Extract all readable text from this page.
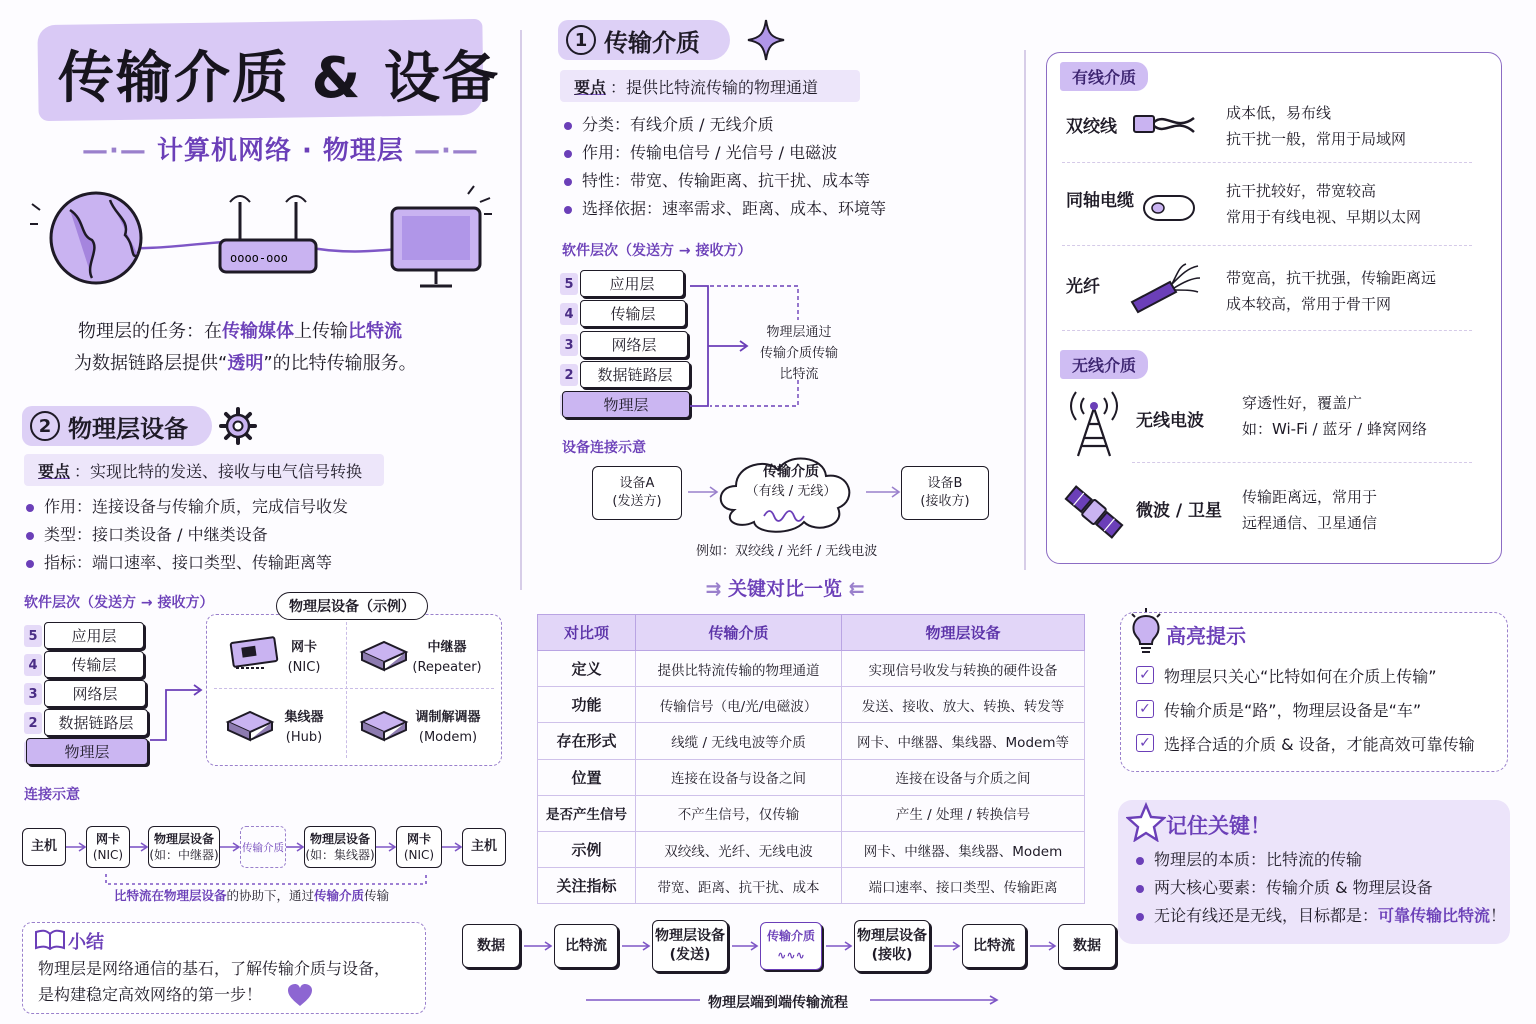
传输介质 & 设备
—·— 计算机网络 · 物理层 —·—
oooo-ooo
物理层的任务：在传输媒体上传输比特流
为数据链路层提供“透明”的比特传输服务。
1 传输介质
要点 ：提供比特流传输的物理通道
分类：有线介质 / 无线介质
作用：传输电信号 / 光信号 / 电磁波
特性：带宽、传输距离、抗干扰、成本等
选择依据：速率需求、距离、成本、环境等
软件层次（发送方 → 接收方）
5	应用层
4	传输层
3	网络层
2	数据链路层
物理层
物理层通过
传输介质传输
比特流
设备连接示意
设备A
(发送方)
传输介质
（有线 / 无线）
设备B
(接收方)
例如：双绞线 / 光纤 / 无线电波
2 物理层设备
要点 ：实现比特的发送、接收与电气信号转换
作用：连接设备与传输介质，完成信号收发
类型：接口类设备 / 中继类设备
指标：端口速率、接口类型、传输距离等
软件层次（发送方 → 接收方）
5	应用层
4	传输层
3	网络层
2	数据链路层
物理层
物理层设备（示例）
网卡
(NIC)
中继器
(Repeater)
集线器
(Hub)
调制解调器
(Modem)
连接示意
主机	网卡
(NIC)
物理层设备
(如：中继器)
传输介质
物理层设备
(如：集线器)
网卡
(NIC)
主机
比特流在物理层设备的协助下，通过传输介质传输
有线介质
双绞线
成本低，易布线
抗干扰一般，常用于局域网
同轴电缆	抗干扰较好，带宽较高
常用于有线电视、早期以太网
光纤	带宽高，抗干扰强，传输距离远
成本较高，常用于骨干网
无线介质
无线电波
穿透性好，覆盖广
如：Wi-Fi / 蓝牙 / 蜂窝网络
微波 / 卫星
传输距离远，常用于
远程通信、卫星通信
⇉ 关键对比一览 ⇇
对比项	传输介质	物理层设备
定义	提供比特流传输的物理通道	实现信号收发与转换的硬件设备
功能	传输信号（电/光/电磁波）	发送、接收、放大、转换、转发等
存在形式	线缆 / 无线电波等介质	网卡、中继器、集线器、Modem等
位置	连接在设备与设备之间	连接在设备与介质之间
是否产生信号	不产生信号，仅传输	产生 / 处理 / 转换信号
示例	双绞线、光纤、无线电波	网卡、中继器、集线器、Modem
关注指标	带宽、距离、抗干扰、成本	端口速率、接口类型、传输距离
高亮提示
✓ 物理层只关心“比特如何在介质上传输”
✓ 传输介质是“路”，物理层设备是“车”
✓ 选择合适的介质 & 设备，才能高效可靠传输
记住关键！
物理层的本质：比特流的传输
两大核心要素：传输介质 & 物理层设备
无论有线还是无线，目标都是：可靠传输比特流！
小结
物理层是网络通信的基石，了解传输介质与设备，
是构建稳定高效网络的第一步！
数据	比特流
物理层设备
(发送)
传输介质
∿∿∿
物理层设备
(接收)
比特流	数据
物理层端到端传输流程
